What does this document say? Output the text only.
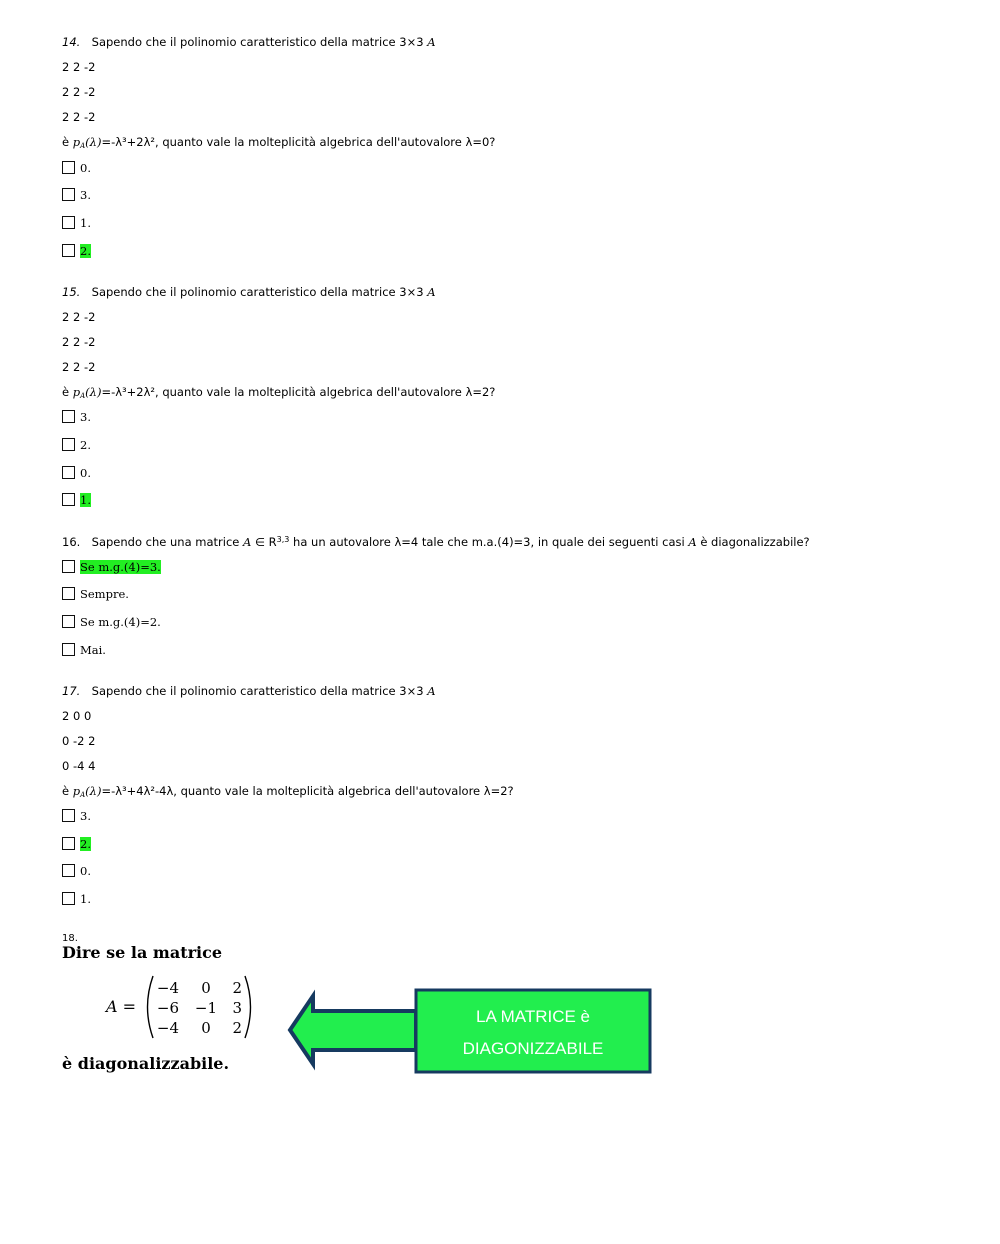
14. Sapendo che il polinomio caratteristico della matrice 3×3 A
2 2 -2
2 2 -2
2 2 -2
è $p_A(\lambda)=-\lambda^3+2\lambda^2$, quanto vale la molteplicità algebrica dell'autovalore λ=0?
0.
3.
1.
2.
15. Sapendo che il polinomio caratteristico della matrice 3×3 A
2 2 -2
2 2 -2
2 2 -2
è $p_A(\lambda)=-\lambda^3+2\lambda^2$, quanto vale la molteplicità algebrica dell'autovalore λ=2?
3.
2.
0.
1.
16. Sapendo che una matrice A ∈ R$^{3,3}$ ha un autovalore λ=4 tale che m.a.(4)=3, in quale dei seguenti casi A è diagonalizzabile?
Se m.g.(4)=3.
Sempre.
Se m.g.(4)=2.
Mai.
17. Sapendo che il polinomio caratteristico della matrice 3×3 A
2 0 0
0 -2 2
0 -4 4
è $p_A(\lambda)=-\lambda^3+4\lambda^2-4\lambda$, quanto vale la molteplicità algebrica dell'autovalore λ=2?
3.
2.
0.
1.
18.
Dire se la matrice
A =
−4 0 2
−6 −1 3
−4 0 2
è diagonalizzabile.
LA MATRICE è
DIAGONIZZABILE
